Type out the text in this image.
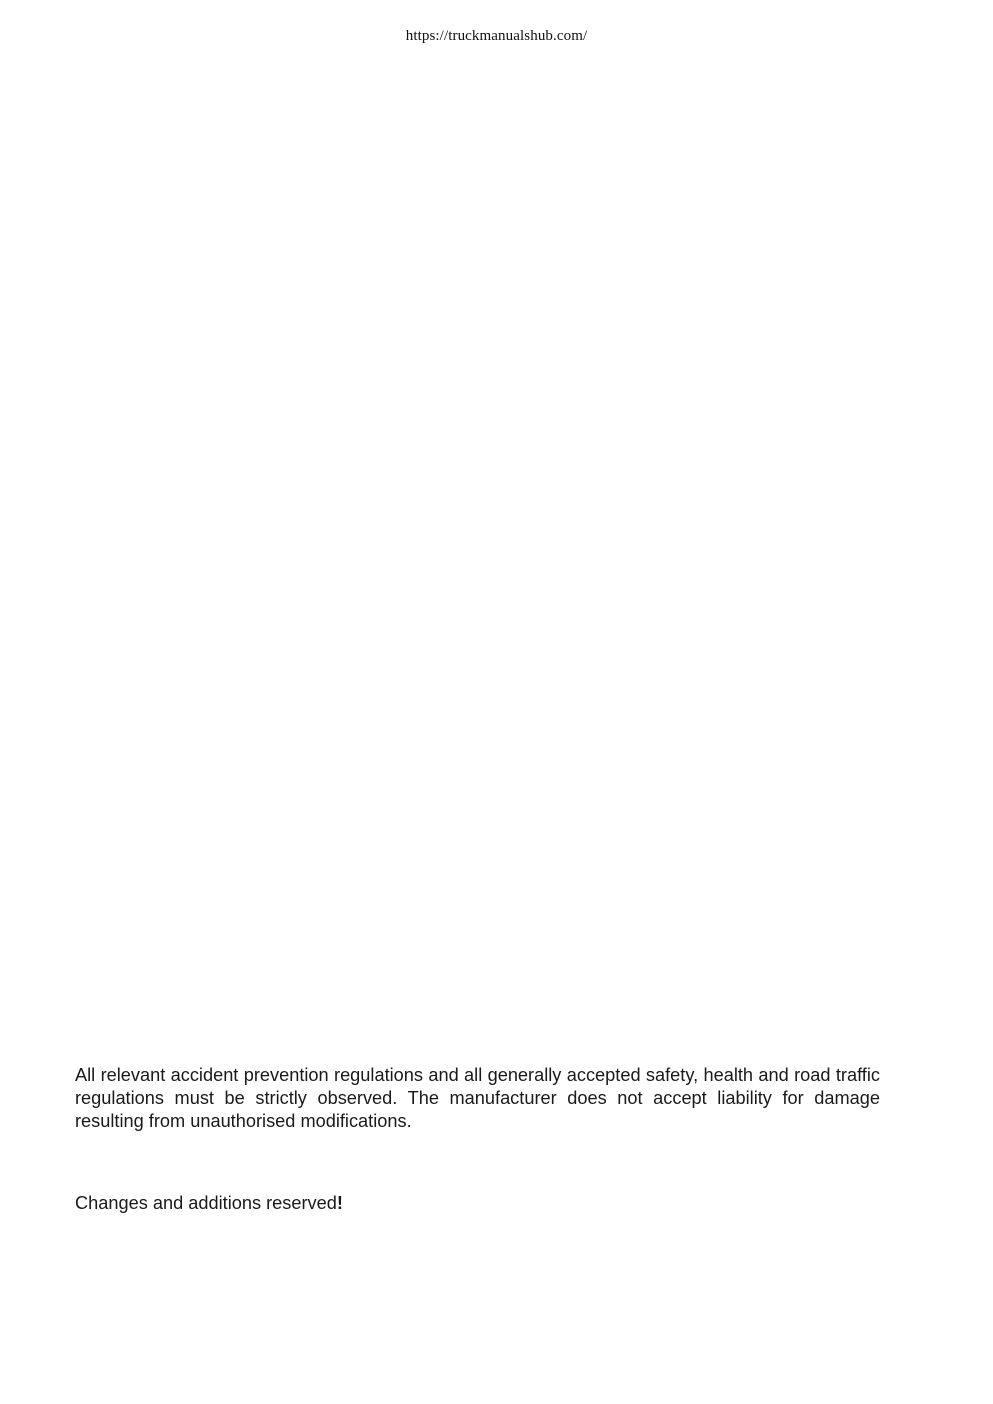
https://truckmanualshub.com/

All relevant accident prevention regulations and all generally accepted safety, health and road traffic regulations must be strictly observed. The manufacturer does not accept liability for damage resulting from unauthorised modifications.

Changes and additions reserved!
